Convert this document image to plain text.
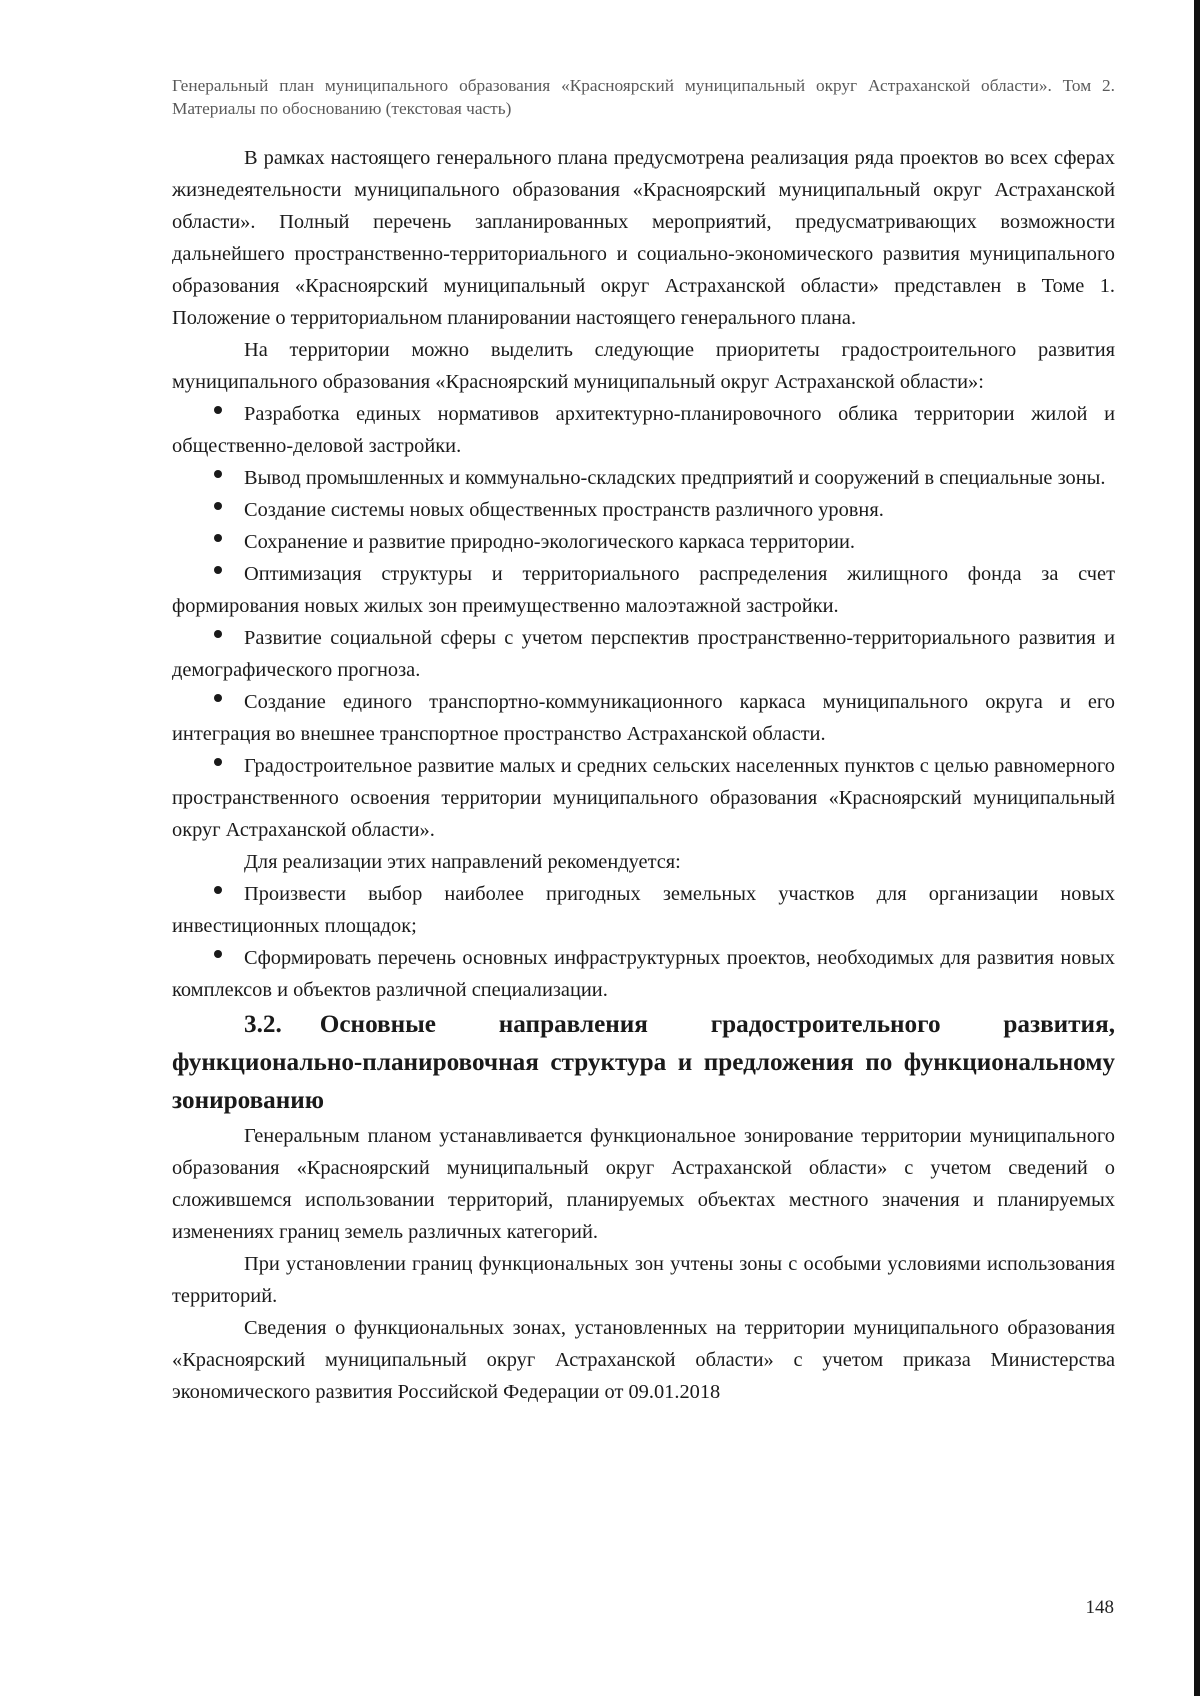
Генеральный план муниципального образования «Красноярский муниципальный округ Астраханской области». Том 2. Материалы по обоснованию (текстовая часть)

В рамках настоящего генерального плана предусмотрена реализация ряда проектов во всех сферах жизнедеятельности муниципального образования «Красноярский муниципальный округ Астраханской области». Полный перечень запланированных мероприятий, предусматривающих возможности дальнейшего пространственно-территориального и социально-экономического развития муниципального образования «Красноярский муниципальный округ Астраханской области» представлен в Томе 1. Положение о территориальном планировании настоящего генерального плана.

На территории можно выделить следующие приоритеты градостроительного развития муниципального образования «Красноярский муниципальный округ Астраханской области»:

Разработка единых нормативов архитектурно-планировочного облика территории жилой и общественно-деловой застройки.

Вывод промышленных и коммунально-складских предприятий и сооружений в специальные зоны.

Создание системы новых общественных пространств различного уровня.

Сохранение и развитие природно-экологического каркаса территории.

Оптимизация структуры и территориального распределения жилищного фонда за счет формирования новых жилых зон преимущественно малоэтажной застройки.

Развитие социальной сферы с учетом перспектив пространственно-территориального развития и демографического прогноза.

Создание единого транспортно-коммуникационного каркаса муниципального округа и его интеграция во внешнее транспортное пространство Астраханской области.

Градостроительное развитие малых и средних сельских населенных пунктов с целью равномерного пространственного освоения территории муниципального образования «Красноярский муниципальный округ Астраханской области».

Для реализации этих направлений рекомендуется:

Произвести выбор наиболее пригодных земельных участков для организации новых инвестиционных площадок;

Сформировать перечень основных инфраструктурных проектов, необходимых для развития новых комплексов и объектов различной специализации.

3.2. Основные направления градостроительного развития, функционально-планировочная структура и предложения по функциональному зонированию

Генеральным планом устанавливается функциональное зонирование территории муниципального образования «Красноярский муниципальный округ Астраханской области» с учетом сведений о сложившемся использовании территорий, планируемых объектах местного значения и планируемых изменениях границ земель различных категорий.

При установлении границ функциональных зон учтены зоны с особыми условиями использования территорий.

Сведения о функциональных зонах, установленных на территории муниципального образования «Красноярский муниципальный округ Астраханской области» с учетом приказа Министерства экономического развития Российской Федерации от 09.01.2018

148
